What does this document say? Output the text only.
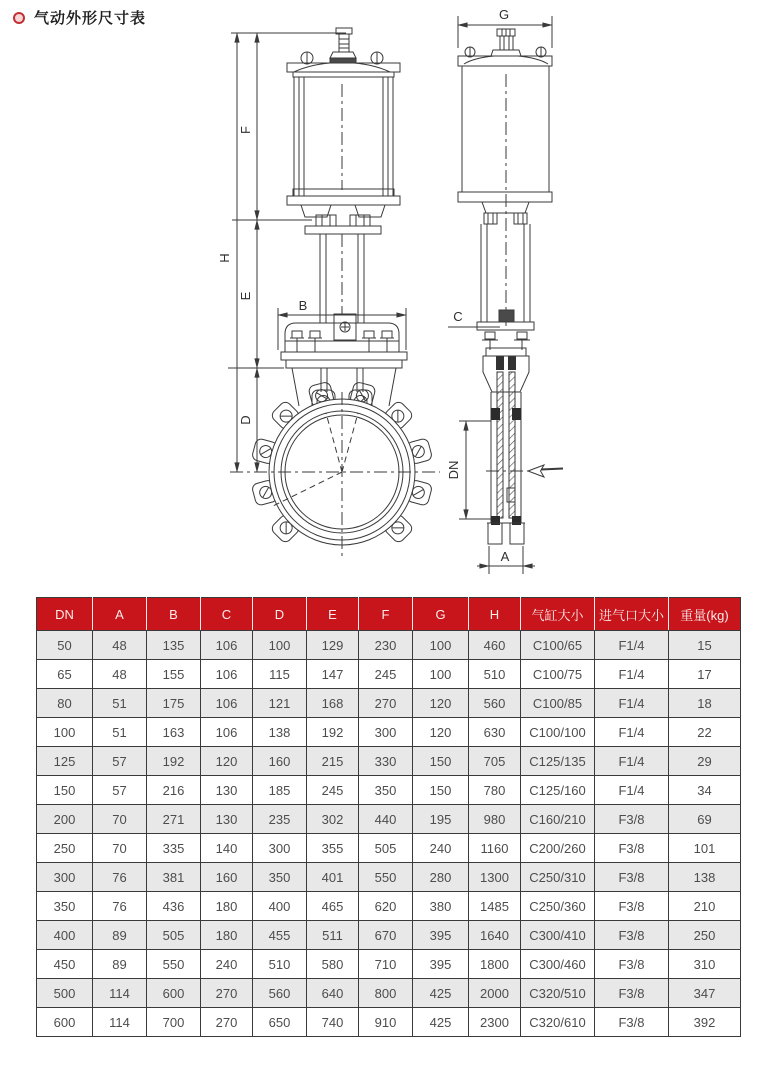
气动外形尺寸表
H
F
E
D
B
G
C
DN
A
DN	A	B	C	D	E	F	G	H	气缸大小	进气口大小	重量(kg)
50	48	135	106	100	129	230	100	460	C100/65	F1/4	15
65	48	155	106	115	147	245	100	510	C100/75	F1/4	17
80	51	175	106	121	168	270	120	560	C100/85	F1/4	18
100	51	163	106	138	192	300	120	630	C100/100	F1/4	22
125	57	192	120	160	215	330	150	705	C125/135	F1/4	29
150	57	216	130	185	245	350	150	780	C125/160	F1/4	34
200	70	271	130	235	302	440	195	980	C160/210	F3/8	69
250	70	335	140	300	355	505	240	1160	C200/260	F3/8	101
300	76	381	160	350	401	550	280	1300	C250/310	F3/8	138
350	76	436	180	400	465	620	380	1485	C250/360	F3/8	210
400	89	505	180	455	511	670	395	1640	C300/410	F3/8	250
450	89	550	240	510	580	710	395	1800	C300/460	F3/8	310
500	114	600	270	560	640	800	425	2000	C320/510	F3/8	347
600	114	700	270	650	740	910	425	2300	C320/610	F3/8	392
